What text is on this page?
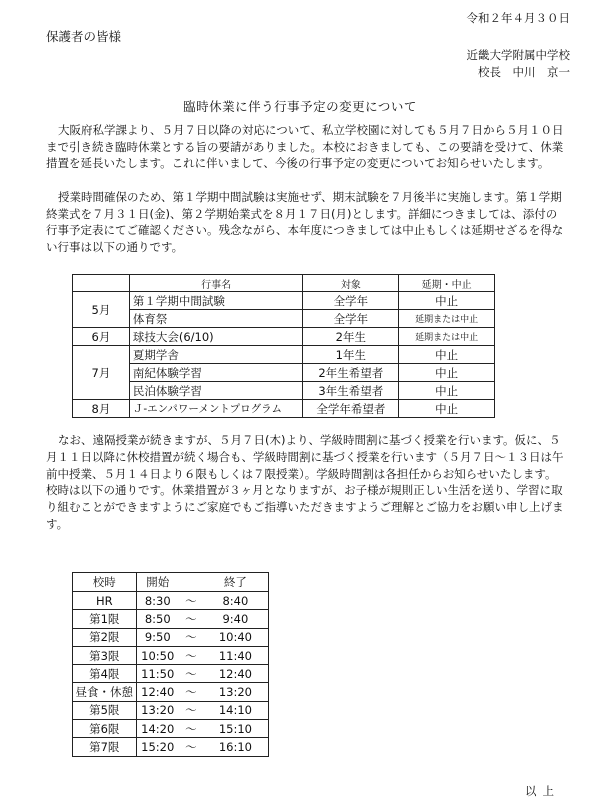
令和２年４月３０日
保護者の皆様
近畿大学附属中学校
校長　中川　京一
臨時休業に伴う行事予定の変更について
大阪府私学課より、５月７日以降の対応について、私立学校園に対しても５月７日から５月１０日まで引き続き臨時休業とする旨の要請がありました。本校におきましても、この要請を受けて、休業措置を延長いたします。これに伴いまして、今後の行事予定の変更についてお知らせいたします。
授業時間確保のため、第１学期中間試験は実施せず、期末試験を７月後半に実施します。第１学期終業式を７月３１日(金)、第２学期始業式を８月１７日(月)とします。詳細につきましては、添付の行事予定表にてご確認ください。残念ながら、本年度につきましては中止もしくは延期せざるを得ない行事は以下の通りです。
	行事名	対象	延期・中止
5月	第１学期中間試験	全学年	中止
	体育祭	全学年	延期または中止
6月	球技大会(6/10)	2年生	延期または中止
7月	夏期学舎	1年生	中止
	南紀体験学習	2年生希望者	中止
	民泊体験学習	3年生希望者	中止
8月	Ｊ-エンパワーメントプログラム	全学年希望者	中止
なお、遠隔授業が続きますが、５月７日(木)より、学級時間割に基づく授業を行います。仮に、５月１１日以降に休校措置が続く場合も、学級時間割に基づく授業を行います（５月７日～１３日は午前中授業、５月１４日より６限もしくは７限授業）。学級時間割は各担任からお知らせいたします。校時は以下の通りです。休業措置が３ヶ月となりますが、お子様が規則正しい生活を送り、学習に取り組むことができますようにご家庭でもご指導いただきますようご理解とご協力をお願い申し上げます。
校時	開始		終了
HR	8:30	～	8:40
第1限	8:50	～	9:40
第2限	9:50	～	10:40
第3限	10:50	～	11:40
第4限	11:50	～	12:40
昼食・休憩	12:40	～	13:20
第5限	13:20	～	14:10
第6限	14:20	～	15:10
第7限	15:20	～	16:10
以上
